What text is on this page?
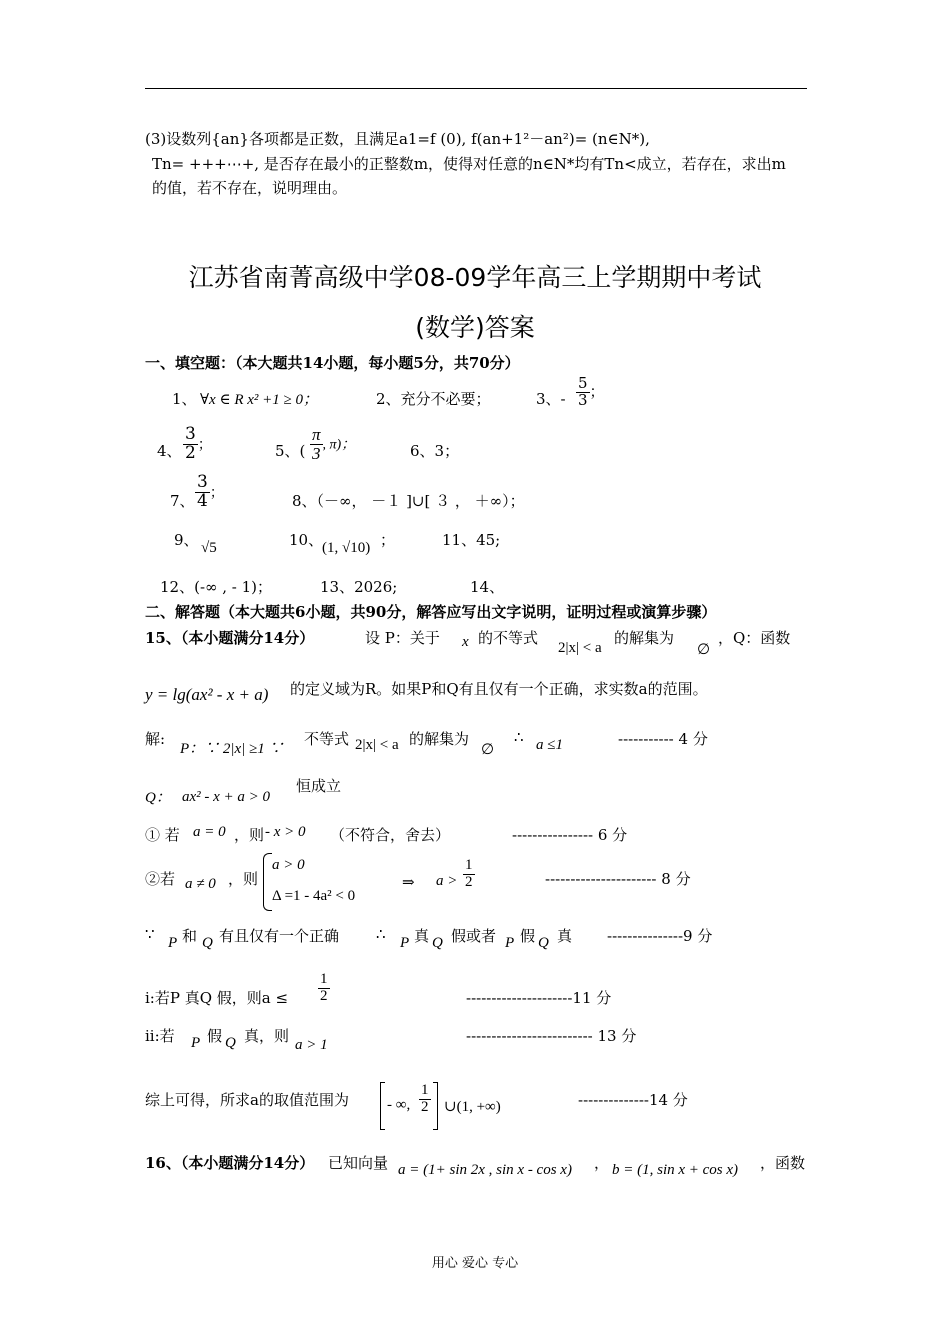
(3)设数列{an}各项都是正数，且满足a1=f (0), f(an+1²－an²)= (n∈N*),
Tn= +++⋯+, 是否存在最小的正整数m，使得对任意的n∈N*均有Tn<成立，若存在，求出m
的值，若不存在，说明理由。
江苏省南菁高级中学08-09学年高三上学期期中考试
(数学)答案
一、填空题：（本大题共14小题，每小题5分，共70分）
1、 ∀x ∈ R x² +1 ≥ 0；	2、充分不必要；	3、- $\frac{5}{3}$ ；
4、 $\frac{3}{2}$ ；	5、( $\frac{\pi}{3}$ , π)；	6、3；
7、 $\frac{3}{4}$ ；	8、（－∞， －１ ]∪[ ３ ， ＋∞）；
9、 √5	10、
(1, √10) ；	11、45;
12、(-∞ , - 1)；	13、2026;	14、
二、解答题（本大题共6小题，共90分，解答应写出文字说明，证明过程或演算步骤）
15、（本小题满分14分）	设 P：关于 x 的不等式
2|x| < a
的解集为
∅
，Q：函数
y = lg(ax² - x + a) 的定义域为R。如果P和Q有且仅有一个正确，求实数a的范围。
解:
P：∵ 2|x| ≥1 ∵
不等式 2|x| < a 的解集为
∅
∴ a ≤1	----------- 4 分
Q： ax² - x + a > 0
恒成立
① 若 a = 0 ，则 - x > 0 （不符合，舍去）	---------------- 6 分
②若 a ≠ 0 ，则
a > 0
Δ =1 - 4a² < 0
⇒ $a > \frac{1}{2}$	---------------------- 8 分
∵ P 和 Q 有且仅有一个正确 ∴ P 真 Q 假或者 P 假 Q 真 ---------------9 分
i:若P 真Q 假，则$a \le \frac{1}{2}$	---------------------11 分
ii:若 P 假 Q 真，则 a > 1	------------------------- 13 分
综上可得，所求a的取值范围为	- ∞, $\frac{1}{2}$ ∪(1, +∞)	--------------14 分
16、（本小题满分14分） 已知向量 a = (1+ sin 2x , sin x - cos x) ， b = (1, sin x + cos x) ，函数
用心 爱心 专心
